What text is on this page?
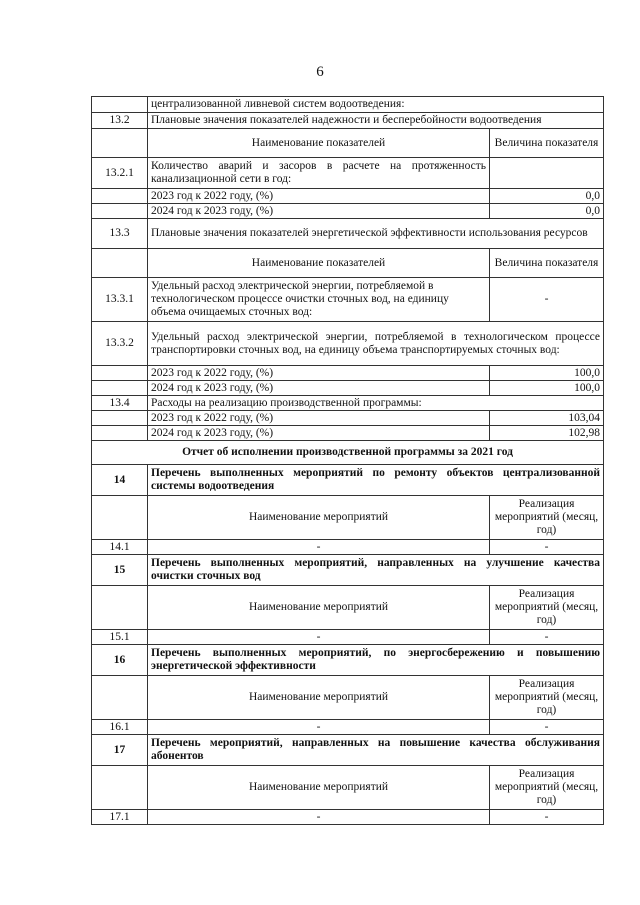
6
	централизованной ливневой систем водоотведения:	
13.2	Плановые значения показателей надежности и бесперебойности водоотведения	
	Наименование показателей	Величина показателя
13.2.1	Количество аварий и засоров в расчете на протяженность канализационной сети в год:	
	2023 год к 2022 году, (%)	0,0
	2024 год к 2023 году, (%)	0,0
13.3	Плановые значения показателей энергетической эффективности использования ресурсов	
	Наименование показателей	Величина показателя
13.3.1	Удельный расход электрической энергии, потребляемой в технологическом процессе очистки сточных вод, на единицу объема очищаемых сточных вод:	-
13.3.2	Удельный расход электрической энергии, потребляемой в технологическом процессе транспортировки сточных вод, на единицу объема транспортируемых сточных вод:	
	2023 год к 2022 году, (%)	100,0
	2024 год к 2023 году, (%)	100,0
13.4	Расходы на реализацию производственной программы:	
	2023 год к 2022 году, (%)	103,04
	2024 год к 2023 году, (%)	102,98
Отчет об исполнении производственной программы за 2021 год		
14	Перечень выполненных мероприятий по ремонту объектов централизованной системы водоотведения	
	Наименование мероприятий	Реализация мероприятий (месяц, год)
14.1	-	-
15	Перечень выполненных мероприятий, направленных на улучшение качества очистки сточных вод	
	Наименование мероприятий	Реализация мероприятий (месяц, год)
15.1	-	-
16	Перечень выполненных мероприятий, по энергосбережению и повышению энергетической эффективности	
	Наименование мероприятий	Реализация мероприятий (месяц, год)
16.1	-	-
17	Перечень мероприятий, направленных на повышение качества обслуживания абонентов	
	Наименование мероприятий	Реализация мероприятий (месяц, год)
17.1	-	-
